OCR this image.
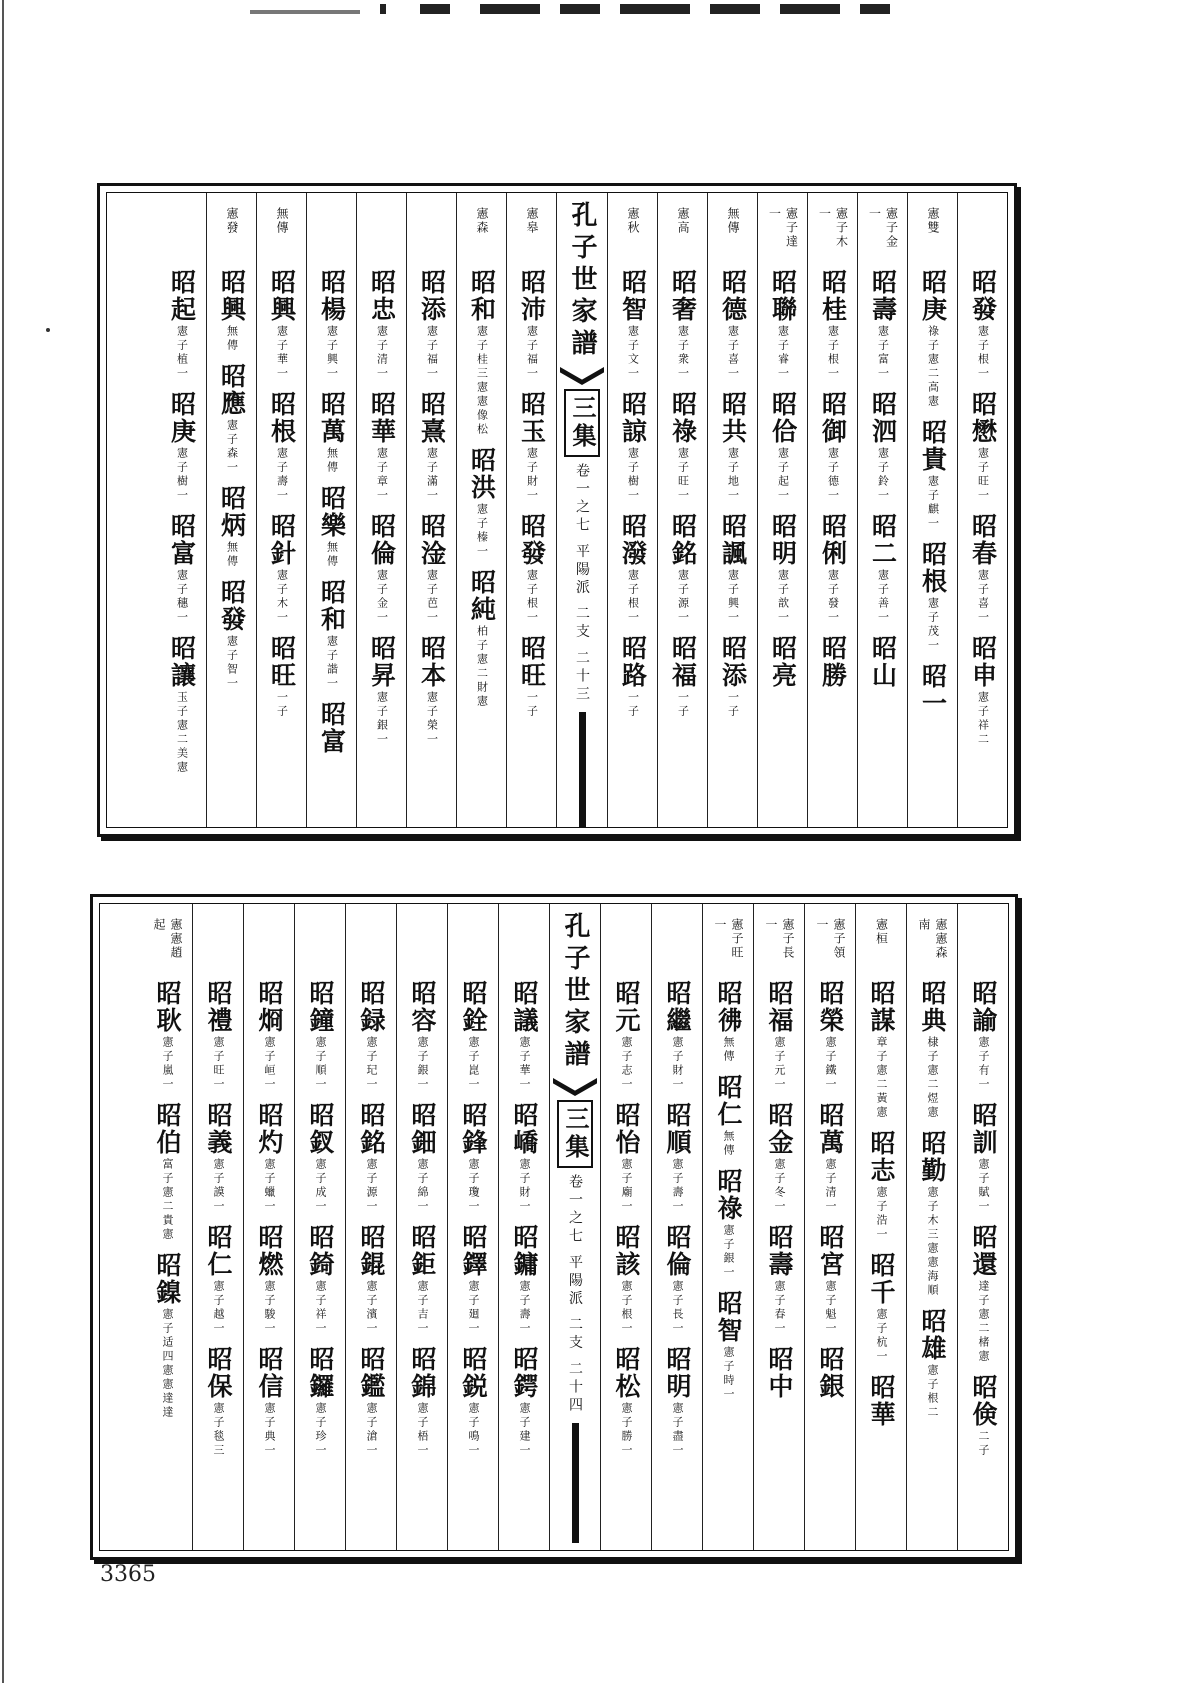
昭發
憲子根一
昭懋
憲子旺一
昭春
憲子喜一
昭申
憲子祥二
憲雙
昭庚
祿子憲二高憲
昭貴
憲子麒一
昭根
憲子茂一
昭一
憲子金一
昭壽
憲子富一
昭泗
憲子鈴一
昭二
憲子善一
昭山
憲子木一
昭桂
憲子根一
昭御
憲子德一
昭俐
憲子發一
昭勝
憲子達一
昭聯
憲子睿一
昭佮
憲子起一
昭明
憲子歆一
昭亮
無傳
昭德
憲子喜一
昭共
憲子地一
昭諷
憲子興一
昭添
一子
憲高
昭奢
憲子衆一
昭祿
憲子旺一
昭銘
憲子源一
昭福
一子
憲秋
昭智
憲子文一
昭諒
憲子樹一
昭潑
憲子根一
昭路
一子
孔子世家譜
三集
卷一之七 平陽派 二支 二十三
憲皋
昭沛
憲子福一
昭玉
憲子財一
昭發
憲子根一
昭旺
一子
憲森
昭和
憲子桂三憲憲像松
昭洪
憲子榛一
昭純
柏子憲二財憲
昭添
憲子福一
昭熹
憲子滿一
昭淦
憲子芭一
昭本
憲子榮一
昭忠
憲子清一
昭華
憲子章一
昭倫
憲子金一
昭昇
憲子銀一
昭楊
憲子興一
昭萬
無傳
昭樂
無傳
昭和
憲子諧一
昭富
無傳
昭興
憲子華一
昭根
憲子壽一
昭針
憲子木一
昭旺
一子
憲發
昭興
無傳
昭應
憲子森一
昭炳
無傳
昭發
憲子智一
昭起
憲子植一
昭庚
憲子樹一
昭富
憲子穗一
昭讓
玉子憲二美憲
昭諭
憲子有一
昭訓
憲子賦一
昭還
達子憲二楮憲
昭倹
二子
憲憲森南
昭典
棣子憲二煜憲
昭勤
憲子木三憲憲海順
昭雄
憲子根二
憲桓
昭謀
章子憲二黃憲
昭志
憲子浩一
昭千
憲子杭一
昭華
憲子領一
昭榮
憲子鐵一
昭萬
憲子清一
昭宮
憲子魁一
昭銀
憲子長一
昭福
憲子元一
昭金
憲子冬一
昭壽
憲子春一
昭中
憲子旺一
昭彿
無傳
昭仁
無傳
昭祿
憲子銀一
昭智
憲子時一
昭繼
憲子財一
昭順
憲子壽一
昭倫
憲子長一
昭明
憲子盡一
昭元
憲子志一
昭怡
憲子廟一
昭該
憲子根一
昭松
憲子勝一
孔子世家譜
三集
卷一之七 平陽派 二支 二十四
昭議
憲子華一
昭嶠
憲子財一
昭鏞
憲子壽一
昭鍔
憲子建一
昭銓
憲子崑一
昭鋒
憲子瓊一
昭鐸
憲子廻一
昭鋭
憲子鳴一
昭容
憲子銀一
昭鈿
憲子綿一
昭鉅
憲子吉一
昭錦
憲子梧一
昭録
憲子玘一
昭銘
憲子源一
昭錕
憲子濱一
昭鑑
憲子滄一
昭鐘
憲子順一
昭釵
憲子成一
昭錡
憲子祥一
昭鑼
憲子珍一
昭烱
憲子峘一
昭灼
憲子蠟一
昭燃
憲子駿一
昭信
憲子典一
昭禮
憲子旺一
昭義
憲子謨一
昭仁
憲子越一
昭保
憲子毯三
憲憲趙起
昭耿
憲子嵐一
昭伯
富子憲二貴憲
昭鎳
憲子适四憲憲達達
3365
